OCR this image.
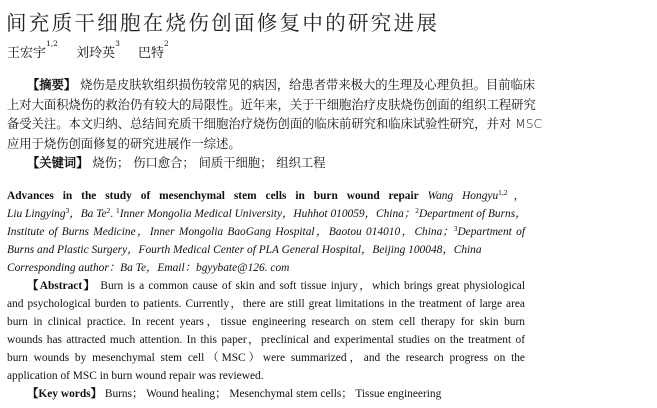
间充质干细胞在烧伤创面修复中的研究进展
王宏宇$^{1,2}$ 刘玲英$^3$ 巴特$^2$
【摘要】 烧伤是皮肤软组织损伤较常见的病因，给患者带来极大的生理及心理负担。目前临床
上对大面积烧伤的救治仍有较大的局限性。近年来，关于干细胞治疗皮肤烧伤创面的组织工程研究
备受关注。本文归纳、总结间充质干细胞治疗烧伤创面的临床前研究和临床试验性研究，并对 MSC
应用于烧伤创面修复的研究进展作一综述。
【关键词】 烧伤； 伤口愈合； 间质干细胞； 组织工程
Advances in the study of mesenchymal stem cells in burn wound repair Wang Hongyu$^{1,2}$，
Liu Lingying$^3$，Ba Te$^2$. $^1$Inner Mongolia Medical University，Huhhot 010059，China；$^2$Department of Burns，
Institute of Burns Medicine，Inner Mongolia BaoGang Hospital，Baotou 014010，China；$^3$Department of
Burns and Plastic Surgery，Fourth Medical Center of PLA General Hospital，Beijing 100048，China
Corresponding author：Ba Te，Email：bgyybate@126. com
【Abstract】 Burn is a common cause of skin and soft tissue injury，which brings great physiological
and psychological burden to patients. Currently，there are still great limitations in the treatment of large area
burn in clinical practice. In recent years，tissue engineering research on stem cell therapy for skin burn
wounds has attracted much attention. In this paper，preclinical and experimental studies on the treatment of
burn wounds by mesenchymal stem cell（MSC）were summarized，and the research progress on the
application of MSC in burn wound repair was reviewed.
【Key words】 Burns； Wound healing； Mesenchymal stem cells； Tissue engineering
